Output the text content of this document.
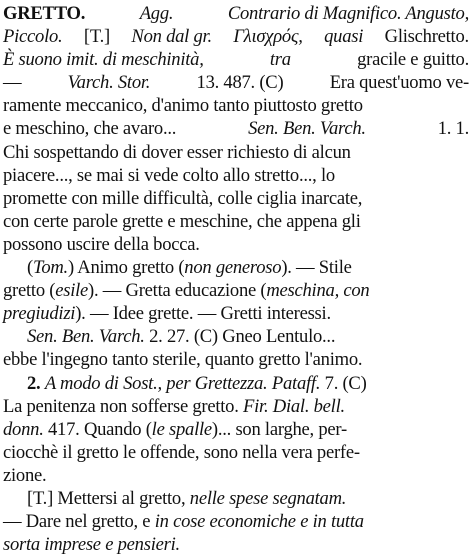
GRETTO.	Agg.	Contrario di Magnifico. Angusto,
Piccolo. [T.] Non dal gr. Γλισχρός, quasi Glischretto.
È suono imit. di meschinità,	tra	gracile e guitto.
— Varch. Stor. 13. 487. (C) Era quest'uomo ve-
ramente meccanico, d'animo tanto piuttosto gretto
e meschino, che avaro...	Sen. Ben. Varch.	1. 1.
Chi sospettando di dover esser richiesto di alcun
piacere..., se mai si vede colto allo stretto..., lo
promette con mille difficultà, colle ciglia inarcate,
con certe parole grette e meschine, che appena gli
possono uscire della bocca.
(Tom.) Animo gretto (non generoso). — Stile
gretto (esile). — Gretta educazione (meschina, con
pregiudizi). — Idee grette. — Gretti interessi.
Sen. Ben. Varch. 2. 27. (C) Gneo Lentulo...
ebbe l'ingegno tanto sterile, quanto gretto l'animo.
2. A modo di Sost., per Grettezza. Pataff. 7. (C)
La penitenza non sofferse gretto. Fir. Dial. bell.
donn. 417. Quando (le spalle)... son larghe, per-
ciocchè il gretto le offende, sono nella vera perfe-
zione.
[T.] Mettersi al gretto, nelle spese segnatam.
— Dare nel gretto, e in cose economiche e in tutta
sorta imprese e pensieri.
